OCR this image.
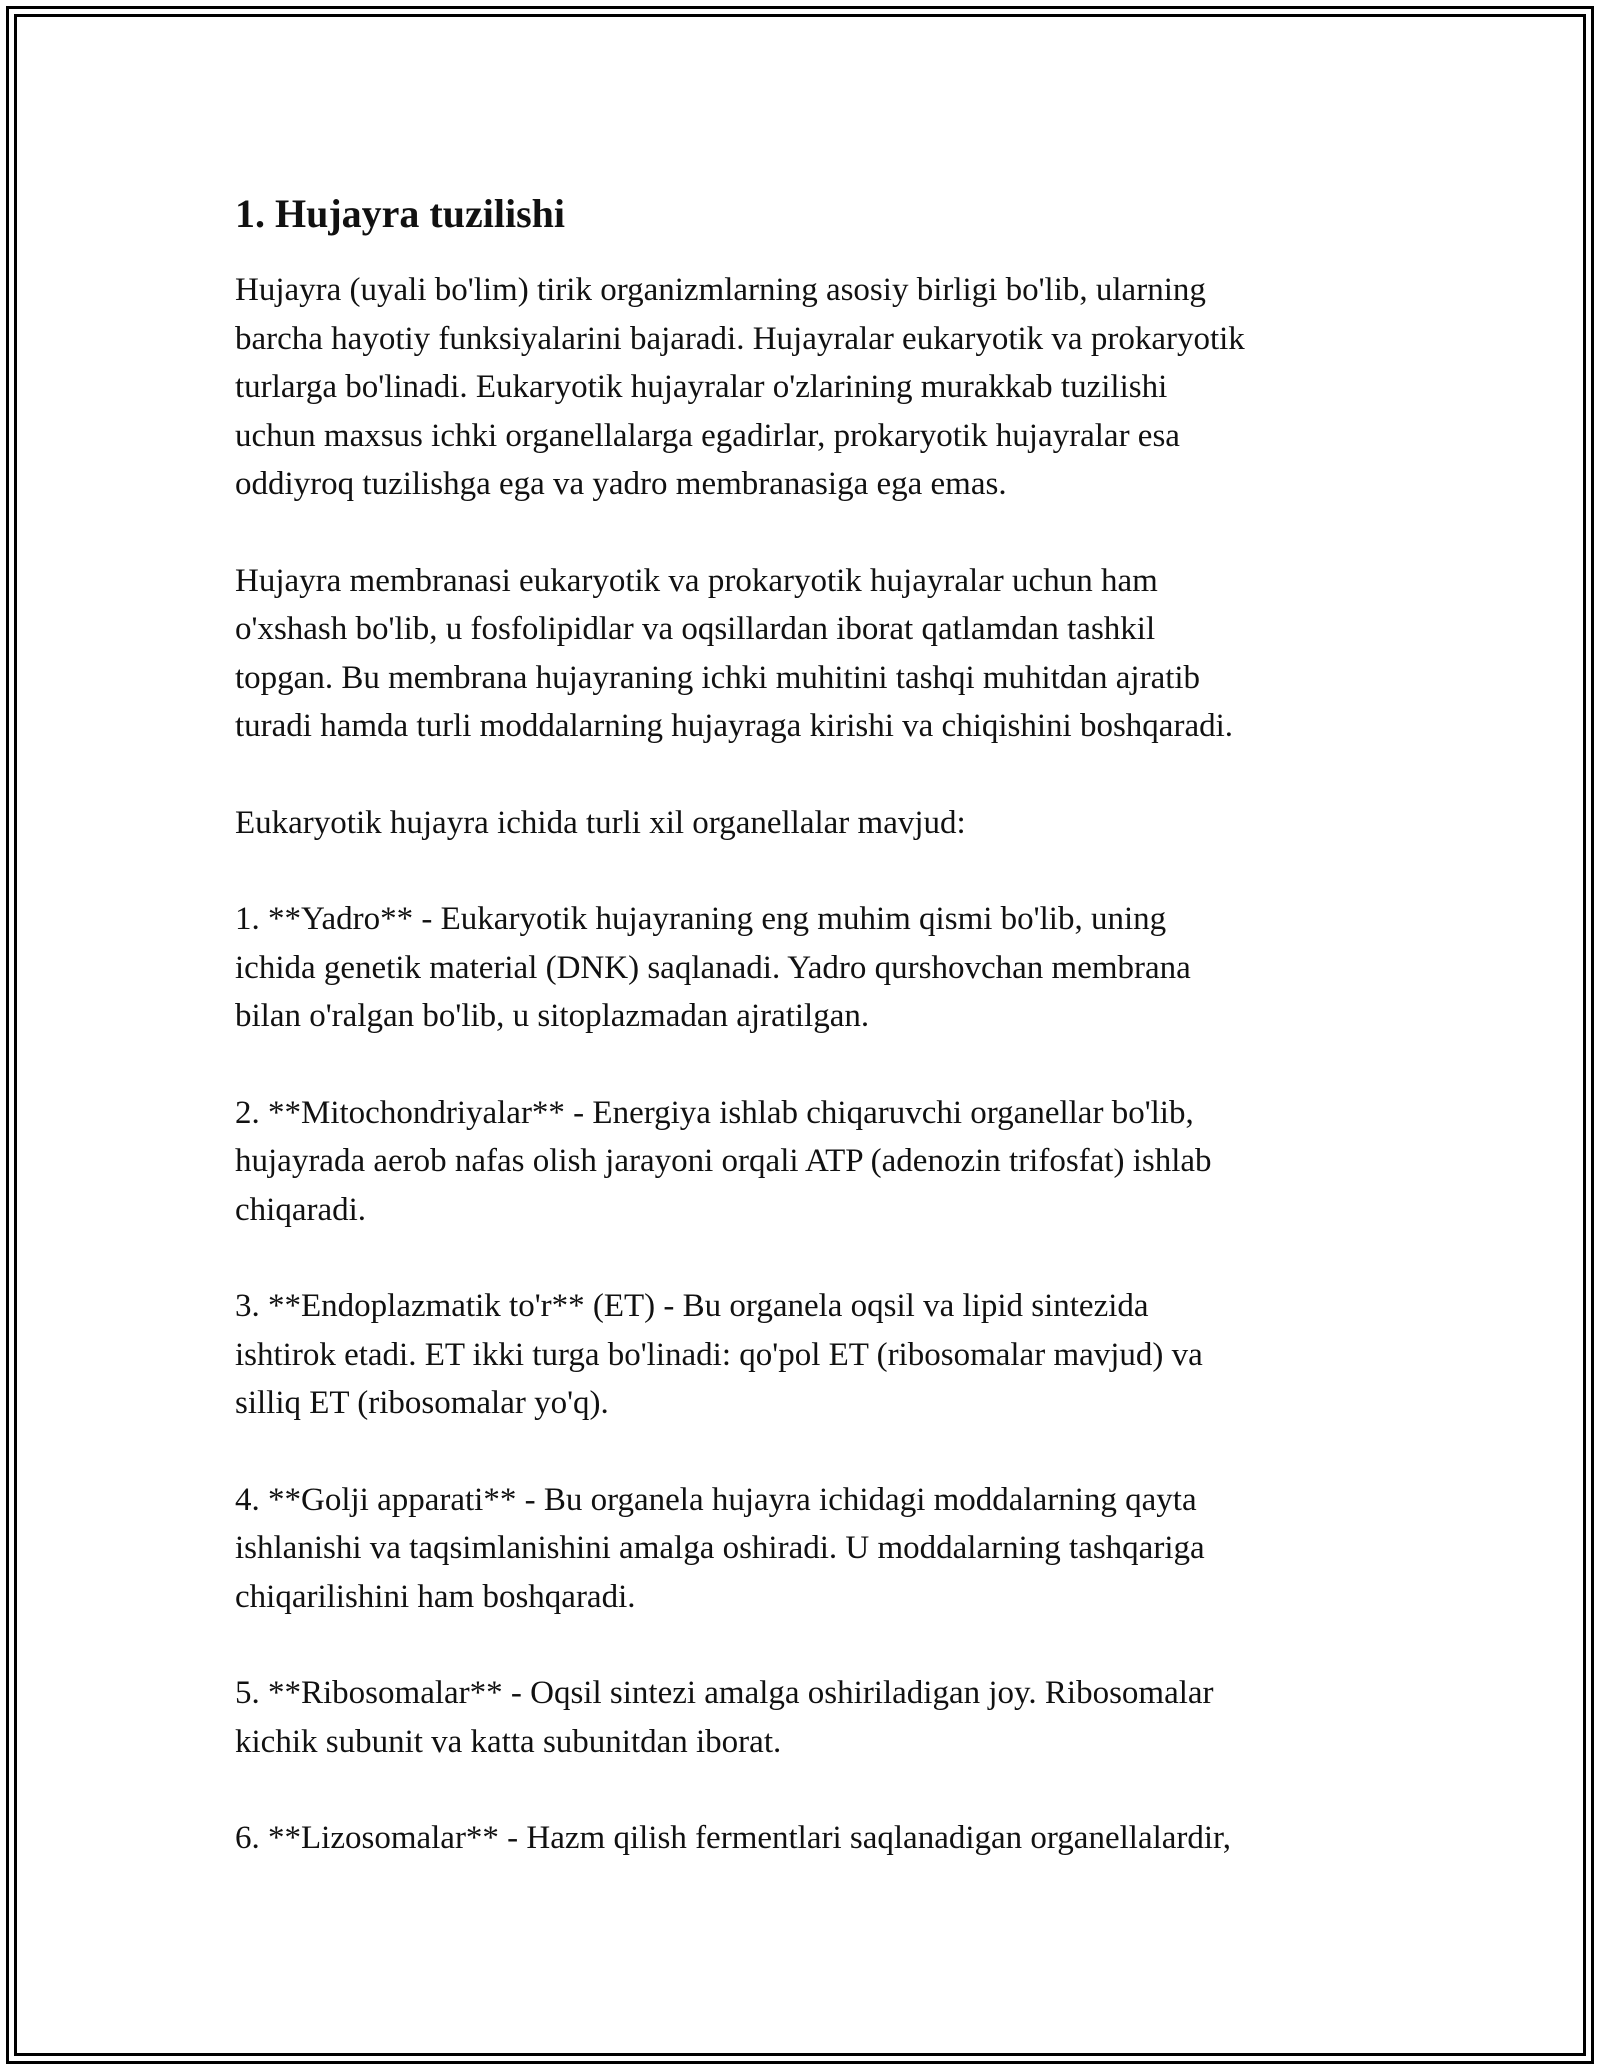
1. Hujayra tuzilishi

Hujayra (uyali bo'lim) tirik organizmlarning asosiy birligi bo'lib, ularning
barcha hayotiy funksiyalarini bajaradi. Hujayralar eukaryotik va prokaryotik
turlarga bo'linadi. Eukaryotik hujayralar o'zlarining murakkab tuzilishi
uchun maxsus ichki organellalarga egadirlar, prokaryotik hujayralar esa
oddiyroq tuzilishga ega va yadro membranasiga ega emas.

Hujayra membranasi eukaryotik va prokaryotik hujayralar uchun ham
o'xshash bo'lib, u fosfolipidlar va oqsillardan iborat qatlamdan tashkil
topgan. Bu membrana hujayraning ichki muhitini tashqi muhitdan ajratib
turadi hamda turli moddalarning hujayraga kirishi va chiqishini boshqaradi.

Eukaryotik hujayra ichida turli xil organellalar mavjud:

1. **Yadro** - Eukaryotik hujayraning eng muhim qismi bo'lib, uning
ichida genetik material (DNK) saqlanadi. Yadro qurshovchan membrana
bilan o'ralgan bo'lib, u sitoplazmadan ajratilgan.

2. **Mitochondriyalar** - Energiya ishlab chiqaruvchi organellar bo'lib,
hujayrada aerob nafas olish jarayoni orqali ATP (adenozin trifosfat) ishlab
chiqaradi.

3. **Endoplazmatik to'r** (ET) - Bu organela oqsil va lipid sintezida
ishtirok etadi. ET ikki turga bo'linadi: qo'pol ET (ribosomalar mavjud) va
silliq ET (ribosomalar yo'q).

4. **Golji apparati** - Bu organela hujayra ichidagi moddalarning qayta
ishlanishi va taqsimlanishini amalga oshiradi. U moddalarning tashqariga
chiqarilishini ham boshqaradi.

5. **Ribosomalar** - Oqsil sintezi amalga oshiriladigan joy. Ribosomalar
kichik subunit va katta subunitdan iborat.

6. **Lizosomalar** - Hazm qilish fermentlari saqlanadigan organellalardir,
